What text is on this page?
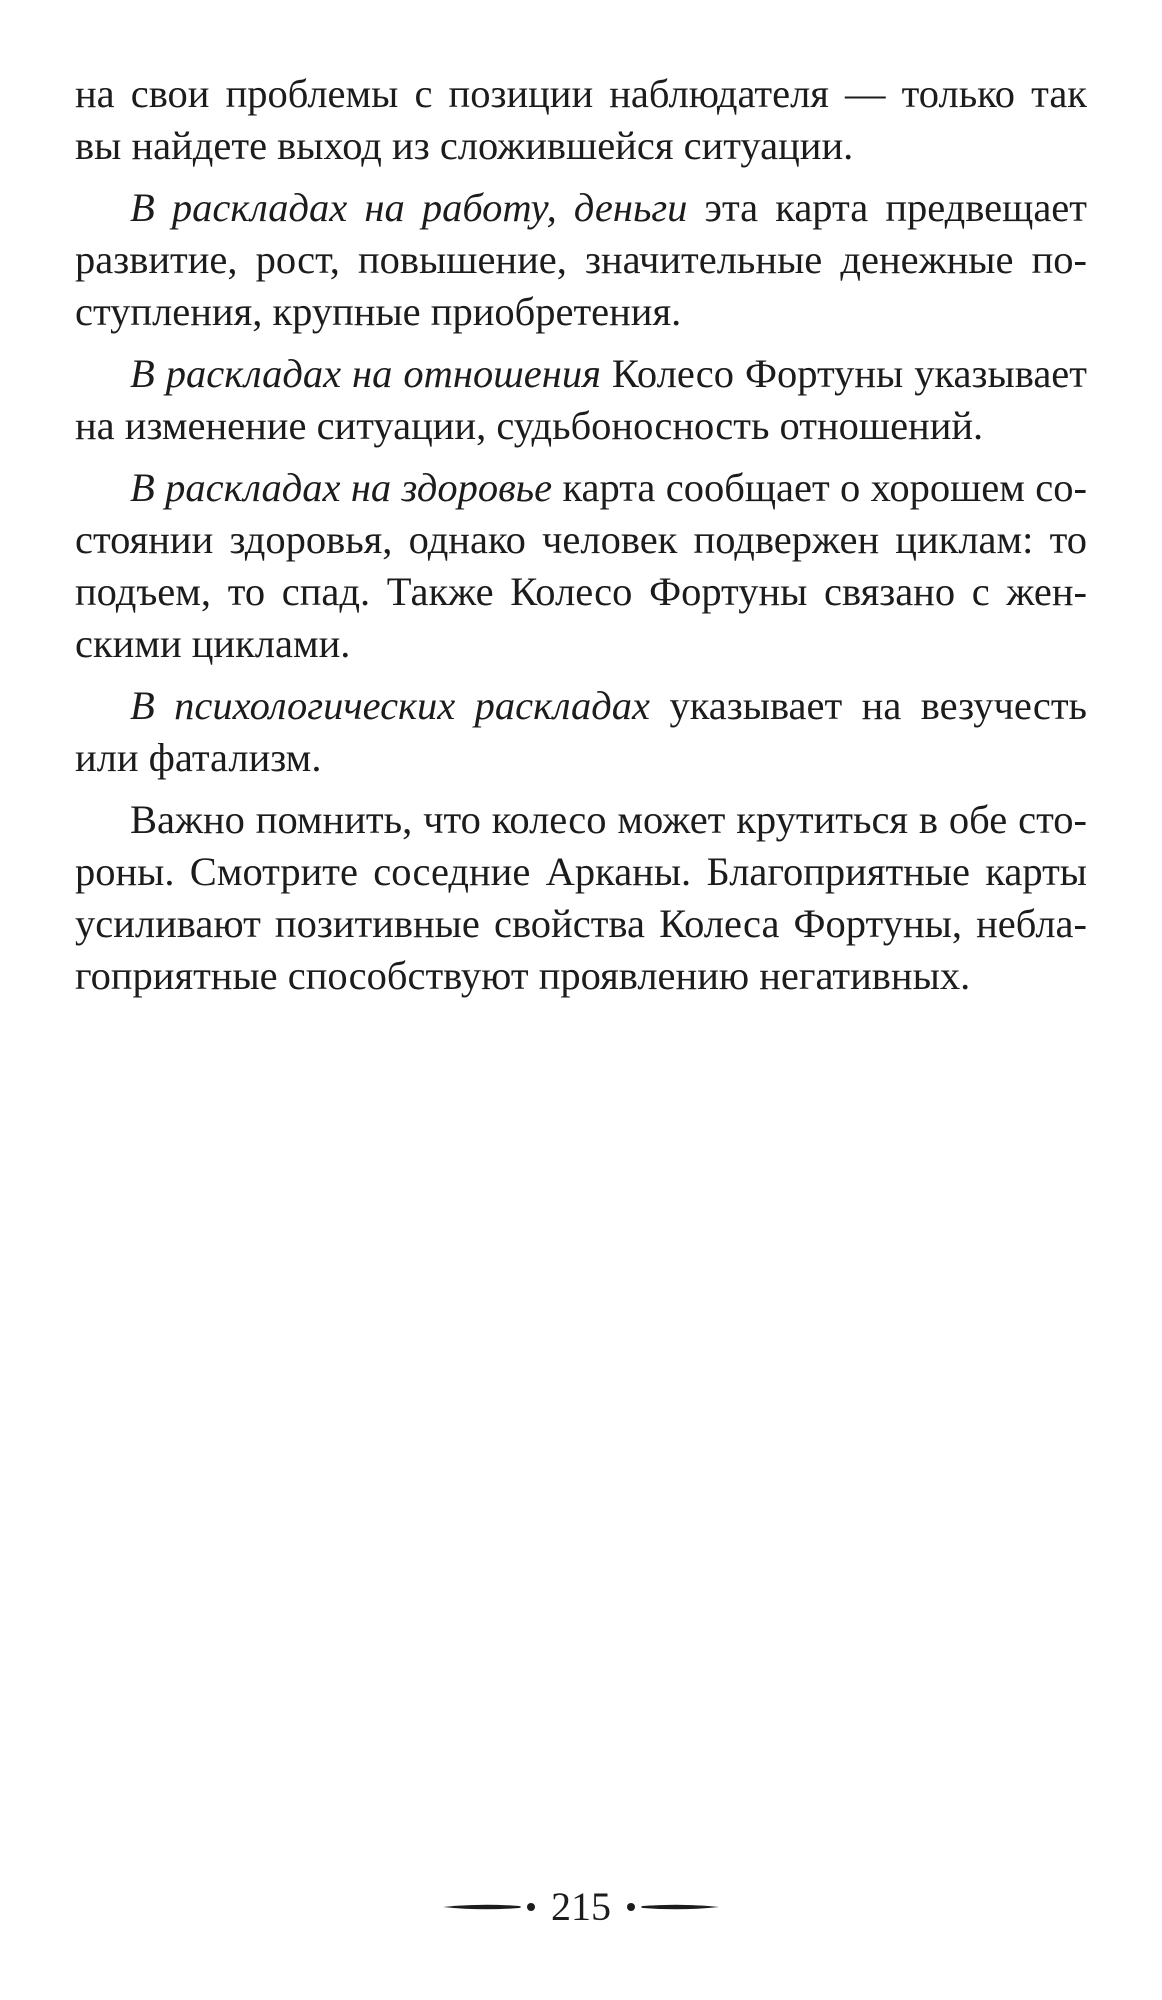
на свои проблемы с позиции наблюдателя — только так
вы найдете выход из сложившейся ситуации.
В раскладах на работу, деньги эта карта предвещает
развитие, рост, повышение, значительные денежные по-
ступления, крупные приобретения.
В раскладах на отношения Колесо Фортуны указывает
на изменение ситуации, судьбоносность отношений.
В раскладах на здоровье карта сообщает о хорошем со-
стоянии здоровья, однако человек подвержен циклам: то
подъем, то спад. Также Колесо Фортуны связано с жен-
скими циклами.
В психологических раскладах указывает на везучесть
или фатализм.
Важно помнить, что колесо может крутиться в обе сто-
роны. Смотрите соседние Арканы. Благоприятные карты
усиливают позитивные свойства Колеса Фортуны, небла-
гоприятные способствуют проявлению негативных.
215
